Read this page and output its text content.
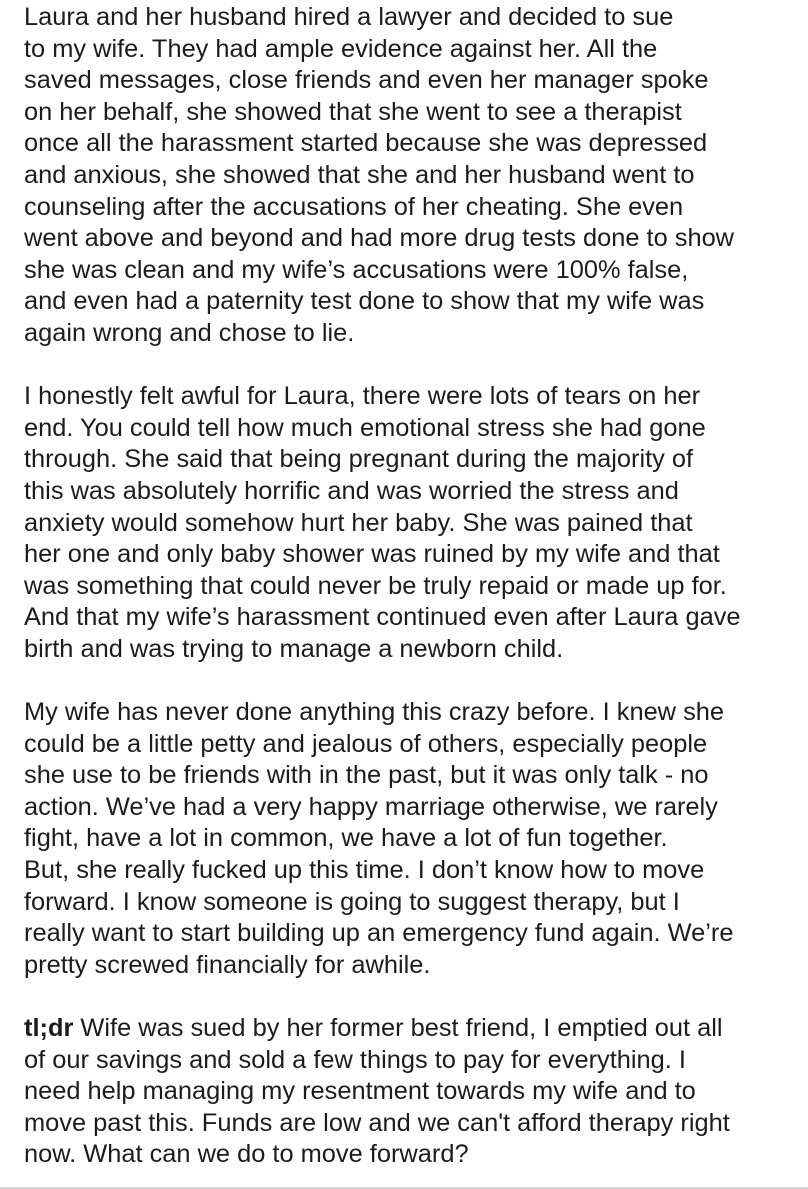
Laura and her husband hired a lawyer and decided to sue
to my wife. They had ample evidence against her. All the
saved messages, close friends and even her manager spoke
on her behalf, she showed that she went to see a therapist
once all the harassment started because she was depressed
and anxious, she showed that she and her husband went to
counseling after the accusations of her cheating. She even
went above and beyond and had more drug tests done to show
she was clean and my wife’s accusations were 100% false,
and even had a paternity test done to show that my wife was
again wrong and chose to lie.

I honestly felt awful for Laura, there were lots of tears on her
end. You could tell how much emotional stress she had gone
through. She said that being pregnant during the majority of
this was absolutely horrific and was worried the stress and
anxiety would somehow hurt her baby. She was pained that
her one and only baby shower was ruined by my wife and that
was something that could never be truly repaid or made up for.
And that my wife’s harassment continued even after Laura gave
birth and was trying to manage a newborn child.

My wife has never done anything this crazy before. I knew she
could be a little petty and jealous of others, especially people
she use to be friends with in the past, but it was only talk - no
action. We’ve had a very happy marriage otherwise, we rarely
fight, have a lot in common, we have a lot of fun together.
But, she really fucked up this time. I don’t know how to move
forward. I know someone is going to suggest therapy, but I
really want to start building up an emergency fund again. We’re
pretty screwed financially for awhile.

tl;dr Wife was sued by her former best friend, I emptied out all
of our savings and sold a few things to pay for everything. I
need help managing my resentment towards my wife and to
move past this. Funds are low and we can't afford therapy right
now. What can we do to move forward?
